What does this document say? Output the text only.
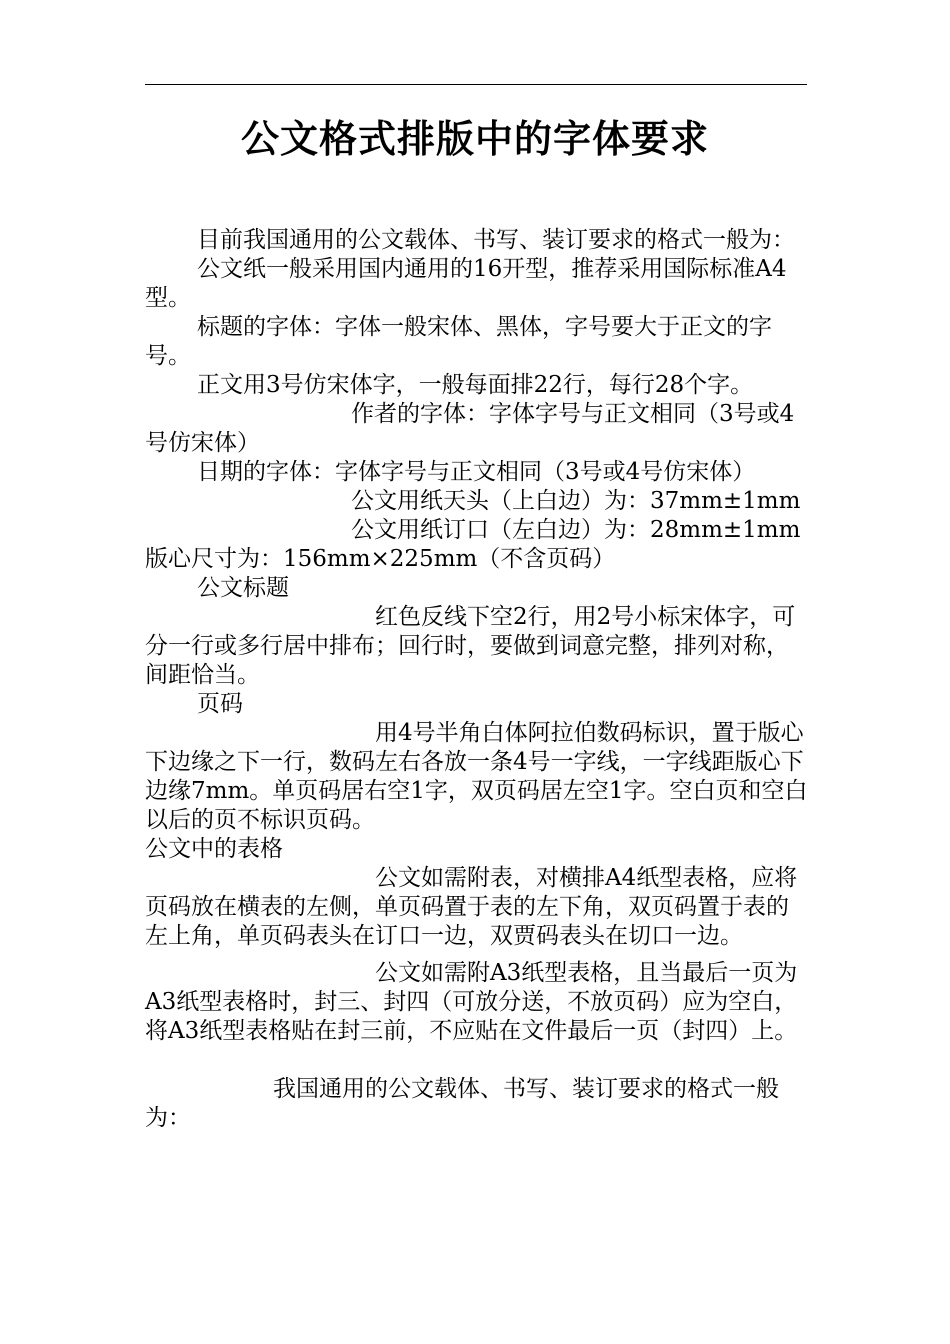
公文格式排版中的字体要求

目前我国通用的公文载体、书写、装订要求的格式一般为：

公文纸一般采用国内通用的16开型，推荐采用国际标准A4型。

标题的字体：字体一般宋体、黑体，字号要大于正文的字号。

正文用3号仿宋体字，一般每面排22行，每行28个字。

作者的字体：字体字号与正文相同（3号或4号仿宋体）

日期的字体：字体字号与正文相同（3号或4号仿宋体）

公文用纸天头（上白边）为：37mm±1mm

公文用纸订口（左白边）为：28mm±1mm 版心尺寸为：156mm×225mm（不含页码）

公文标题

红色反线下空2行，用2号小标宋体字，可分一行或多行居中排布；回行时，要做到词意完整，排列对称，间距恰当。

页码

用4号半角白体阿拉伯数码标识，置于版心下边缘之下一行，数码左右各放一条4号一字线，一字线距版心下边缘7mm。单页码居右空1字，双页码居左空1字。空白页和空白以后的页不标识页码。

公文中的表格

公文如需附表，对横排A4纸型表格，应将页码放在横表的左侧，单页码置于表的左下角，双页码置于表的左上角，单页码表头在订口一边，双贾码表头在切口一边。

公文如需附A3纸型表格，且当最后一页为A3纸型表格时，封三、封四（可放分送，不放页码）应为空白，将A3纸型表格贴在封三前，不应贴在文件最后一页（封四）上。

我国通用的公文载体、书写、装订要求的格式一般为：
